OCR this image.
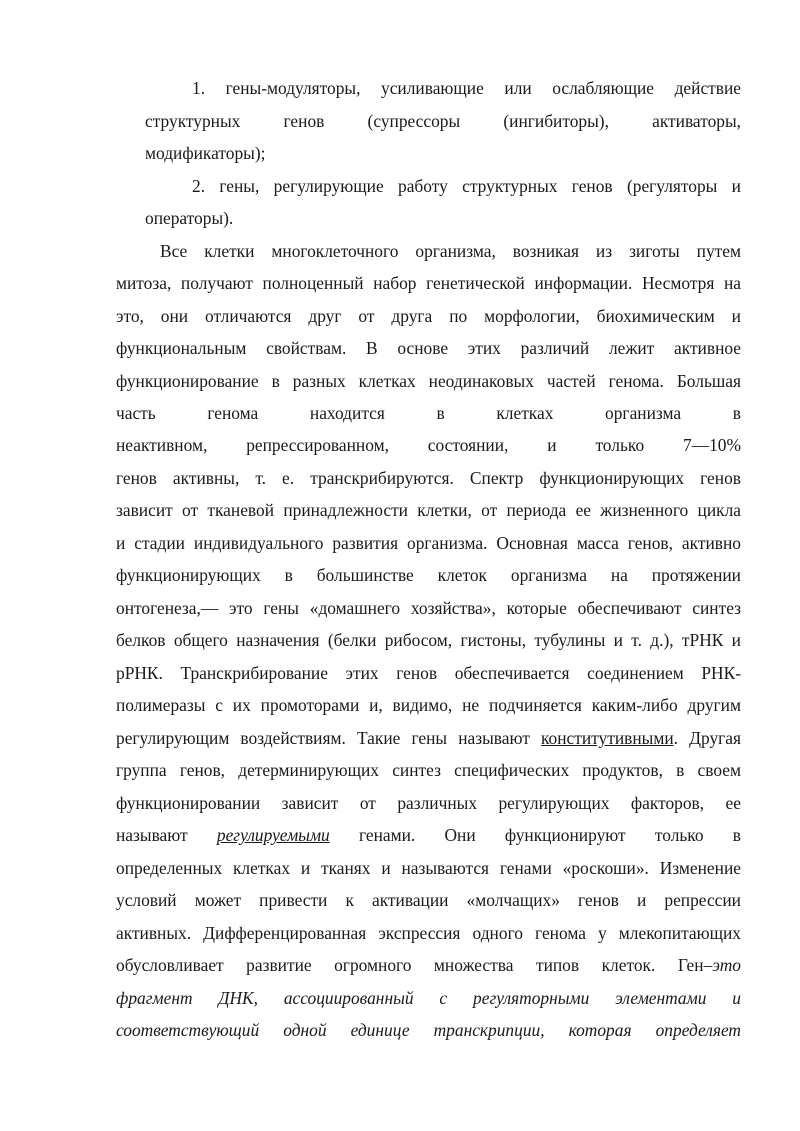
1. гены-модуляторы, усиливающие или ослабляющие действие
структурных генов (супрессоры (ингибиторы), активаторы,
модификаторы);
2. гены, регулирующие работу структурных генов (регуляторы и
операторы).
Все клетки многоклеточного организма, возникая из зиготы путем
митоза, получают полноценный набор генетической информации. Несмотря на
это, они отличаются друг от друга по морфологии, биохимическим и
функциональным свойствам. В основе этих различий лежит активное
функционирование в разных клетках неодинаковых частей генома. Большая
часть генома находится в клетках организма в
неактивном, репрессированном, состоянии, и только 7—10%
генов активны, т. е. транскрибируются. Спектр функционирующих генов
зависит от тканевой принадлежности клетки, от периода ее жизненного цикла
и стадии индивидуального развития организма. Основная масса генов, активно
функционирующих в большинстве клеток организма на протяжении
онтогенеза,— это гены «домашнего хозяйства», которые обеспечивают синтез
белков общего назначения (белки рибосом, гистоны, тубулины и т. д.), тРНК и
рРНК. Транскрибирование этих генов обеспечивается соединением РНК-
полимеразы с их промоторами и, видимо, не подчиняется каким-либо другим
регулирующим воздействиям. Такие гены называют конститутивными. Другая
группа генов, детерминирующих синтез специфических продуктов, в своем
функционировании зависит от различных регулирующих факторов, ее
называют регулируемыми генами. Они функционируют только в
определенных клетках и тканях и называются генами «роскоши». Изменение
условий может привести к активации «молчащих» генов и репрессии
активных. Дифференцированная экспрессия одного генома у млекопитающих
обусловливает развитие огромного множества типов клеток. Ген–это
фрагмент ДНК, ассоциированный с регуляторными элементами и
соответствующий одной единице транскрипции, которая определяет
